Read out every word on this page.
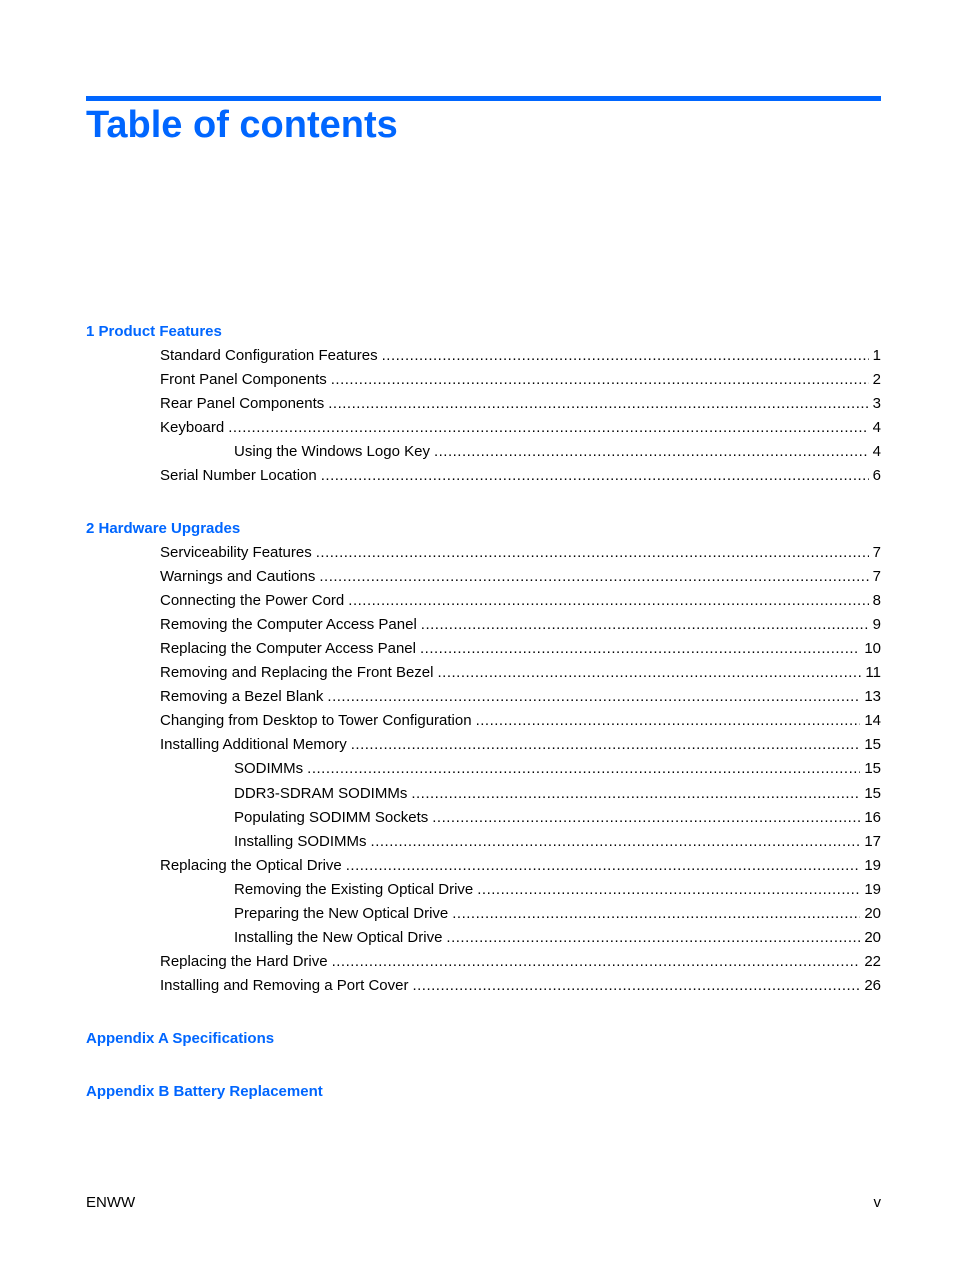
Table of contents
1 Product Features
Standard Configuration Features .....	1
Front Panel Components .....	2
Rear Panel Components .....	3
Keyboard .....	4
Using the Windows Logo Key .....	4
Serial Number Location .....	6
2 Hardware Upgrades
Serviceability Features .....	7
Warnings and Cautions .....	7
Connecting the Power Cord .....	8
Removing the Computer Access Panel .....	9
Replacing the Computer Access Panel .....	10
Removing and Replacing the Front Bezel .....	11
Removing a Bezel Blank .....	13
Changing from Desktop to Tower Configuration .....	14
Installing Additional Memory .....	15
SODIMMs .....	15
DDR3-SDRAM SODIMMs .....	15
Populating SODIMM Sockets .....	16
Installing SODIMMs .....	17
Replacing the Optical Drive .....	19
Removing the Existing Optical Drive .....	19
Preparing the New Optical Drive .....	20
Installing the New Optical Drive .....	20
Replacing the Hard Drive .....	22
Installing and Removing a Port Cover .....	26
Appendix A Specifications
Appendix B Battery Replacement
ENWW	v
